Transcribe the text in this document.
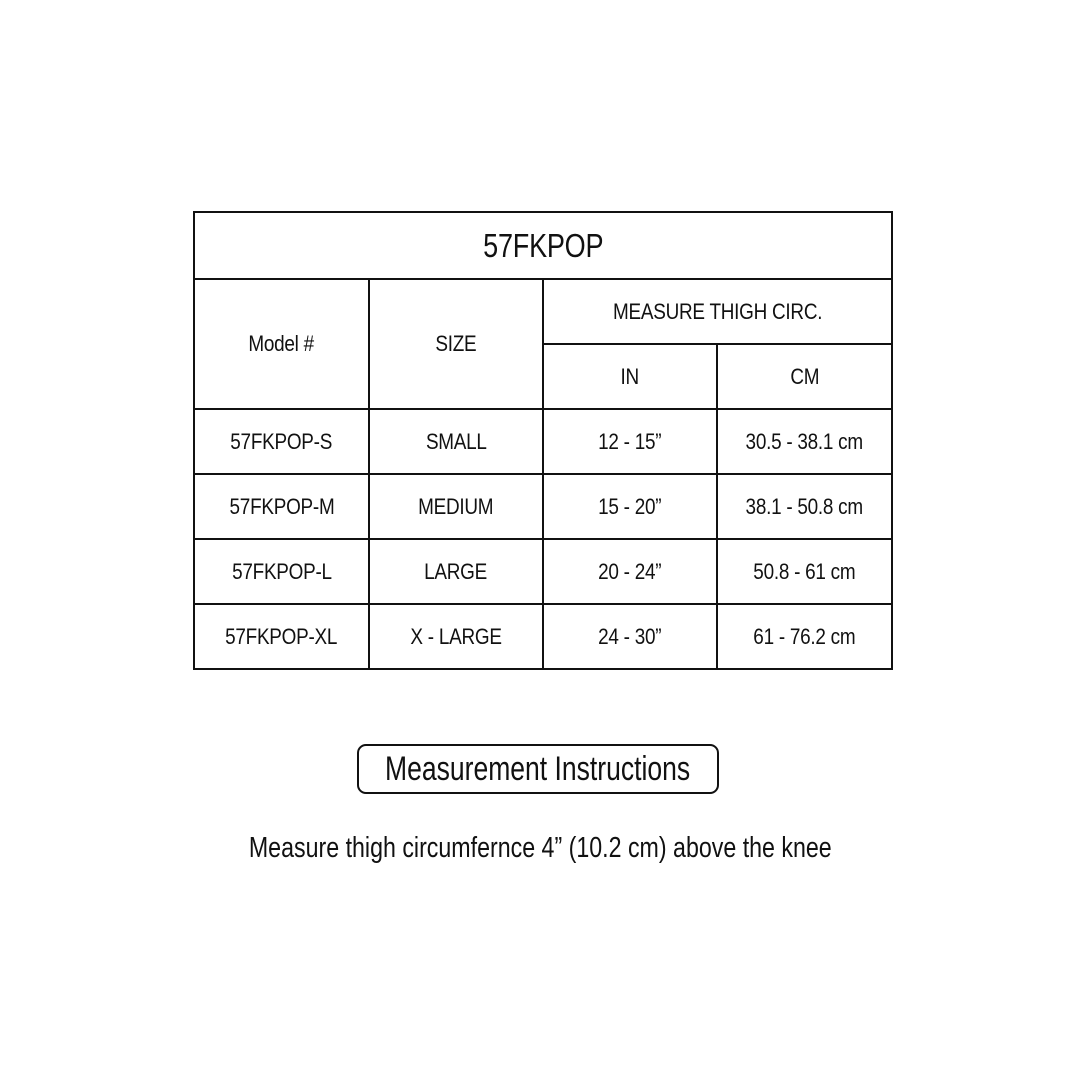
57FKPOP			
Model #	SIZE	MEASURE THIGH CIRC.	
		IN	CM
57FKPOP-S	SMALL	12 - 15”	30.5 - 38.1 cm
57FKPOP-M	MEDIUM	15 - 20”	38.1 - 50.8 cm
57FKPOP-L	LARGE	20 - 24”	50.8 - 61 cm
57FKPOP-XL	X - LARGE	24 - 30”	61 - 76.2 cm
Measurement Instructions
Measure thigh circumfernce 4” (10.2 cm) above the knee
